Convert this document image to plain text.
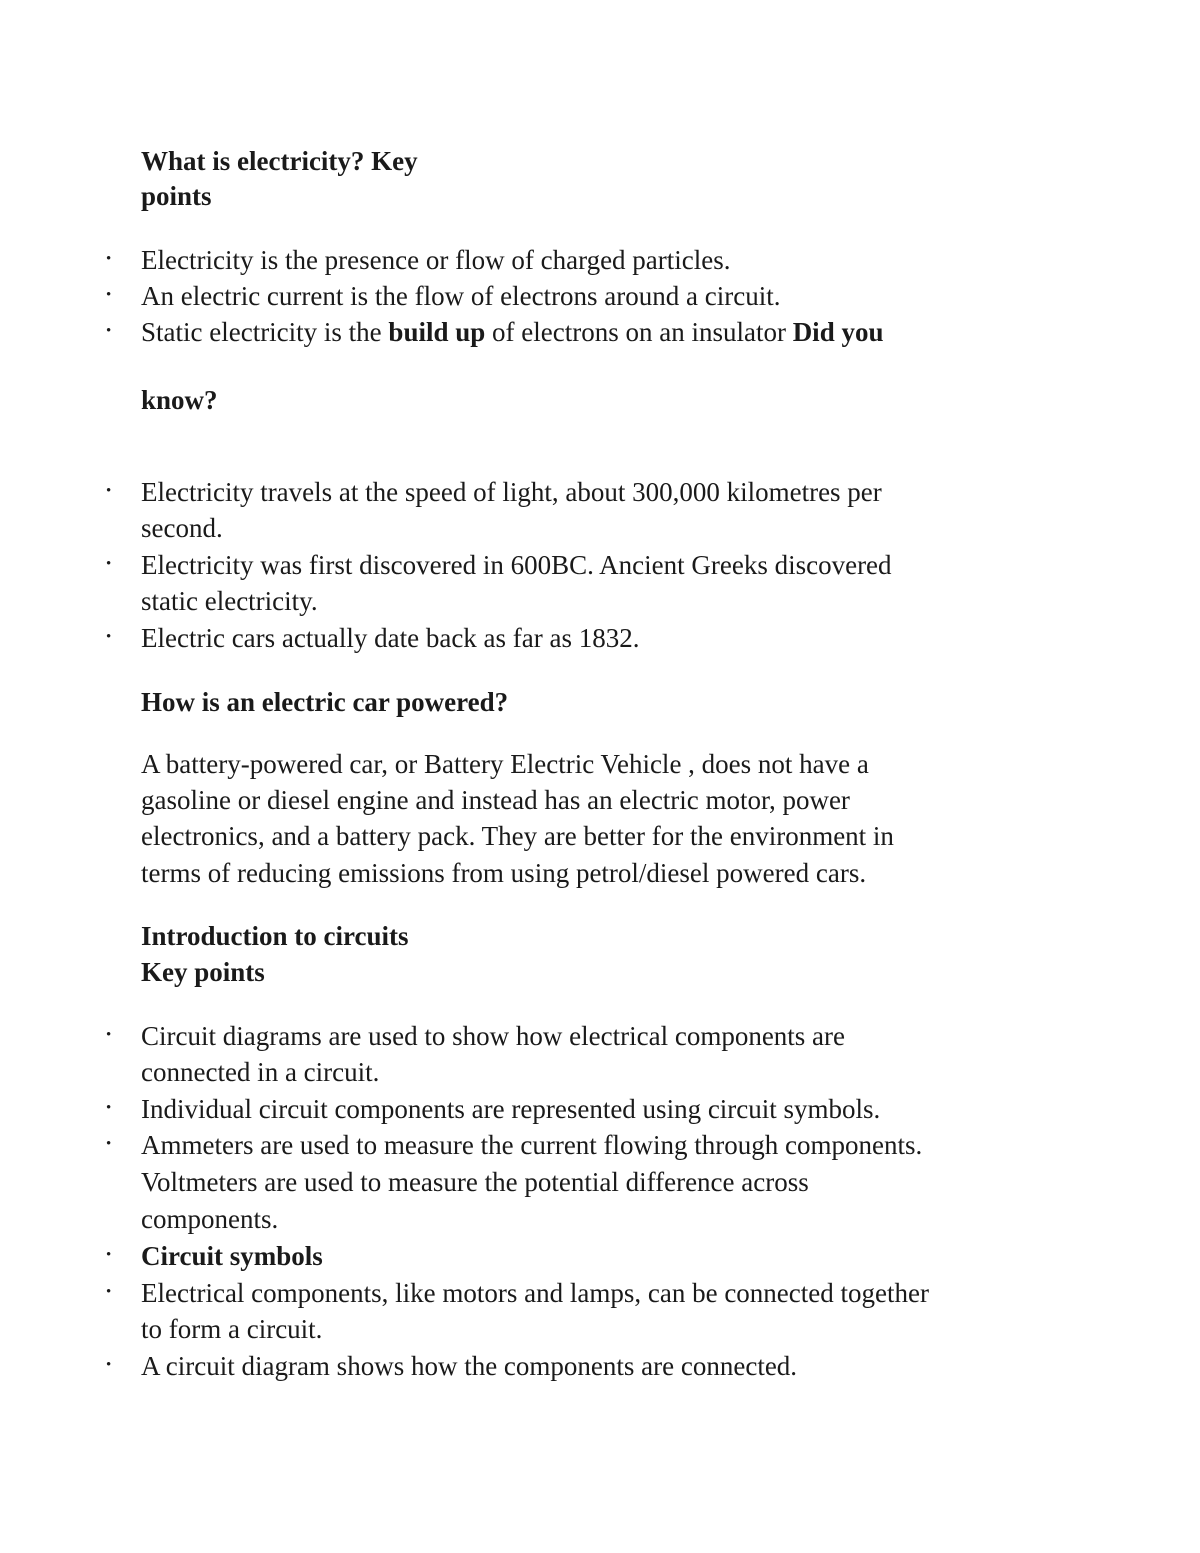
What is electricity? Key
points
• Electricity is the presence or flow of charged particles.
• An electric current is the flow of electrons around a circuit.
• Static electricity is the build up of electrons on an insulator Did you
know?
• Electricity travels at the speed of light, about 300,000 kilometres per
second.
• Electricity was first discovered in 600BC. Ancient Greeks discovered
static electricity.
• Electric cars actually date back as far as 1832.
How is an electric car powered?
A battery-powered car, or Battery Electric Vehicle , does not have a
gasoline or diesel engine and instead has an electric motor, power
electronics, and a battery pack. They are better for the environment in
terms of reducing emissions from using petrol/diesel powered cars.
Introduction to circuits
Key points
• Circuit diagrams are used to show how electrical components are
connected in a circuit.
• Individual circuit components are represented using circuit symbols.
• Ammeters are used to measure the current flowing through components.
Voltmeters are used to measure the potential difference across
components.
• Circuit symbols
• Electrical components, like motors and lamps, can be connected together
to form a circuit.
• A circuit diagram shows how the components are connected.
